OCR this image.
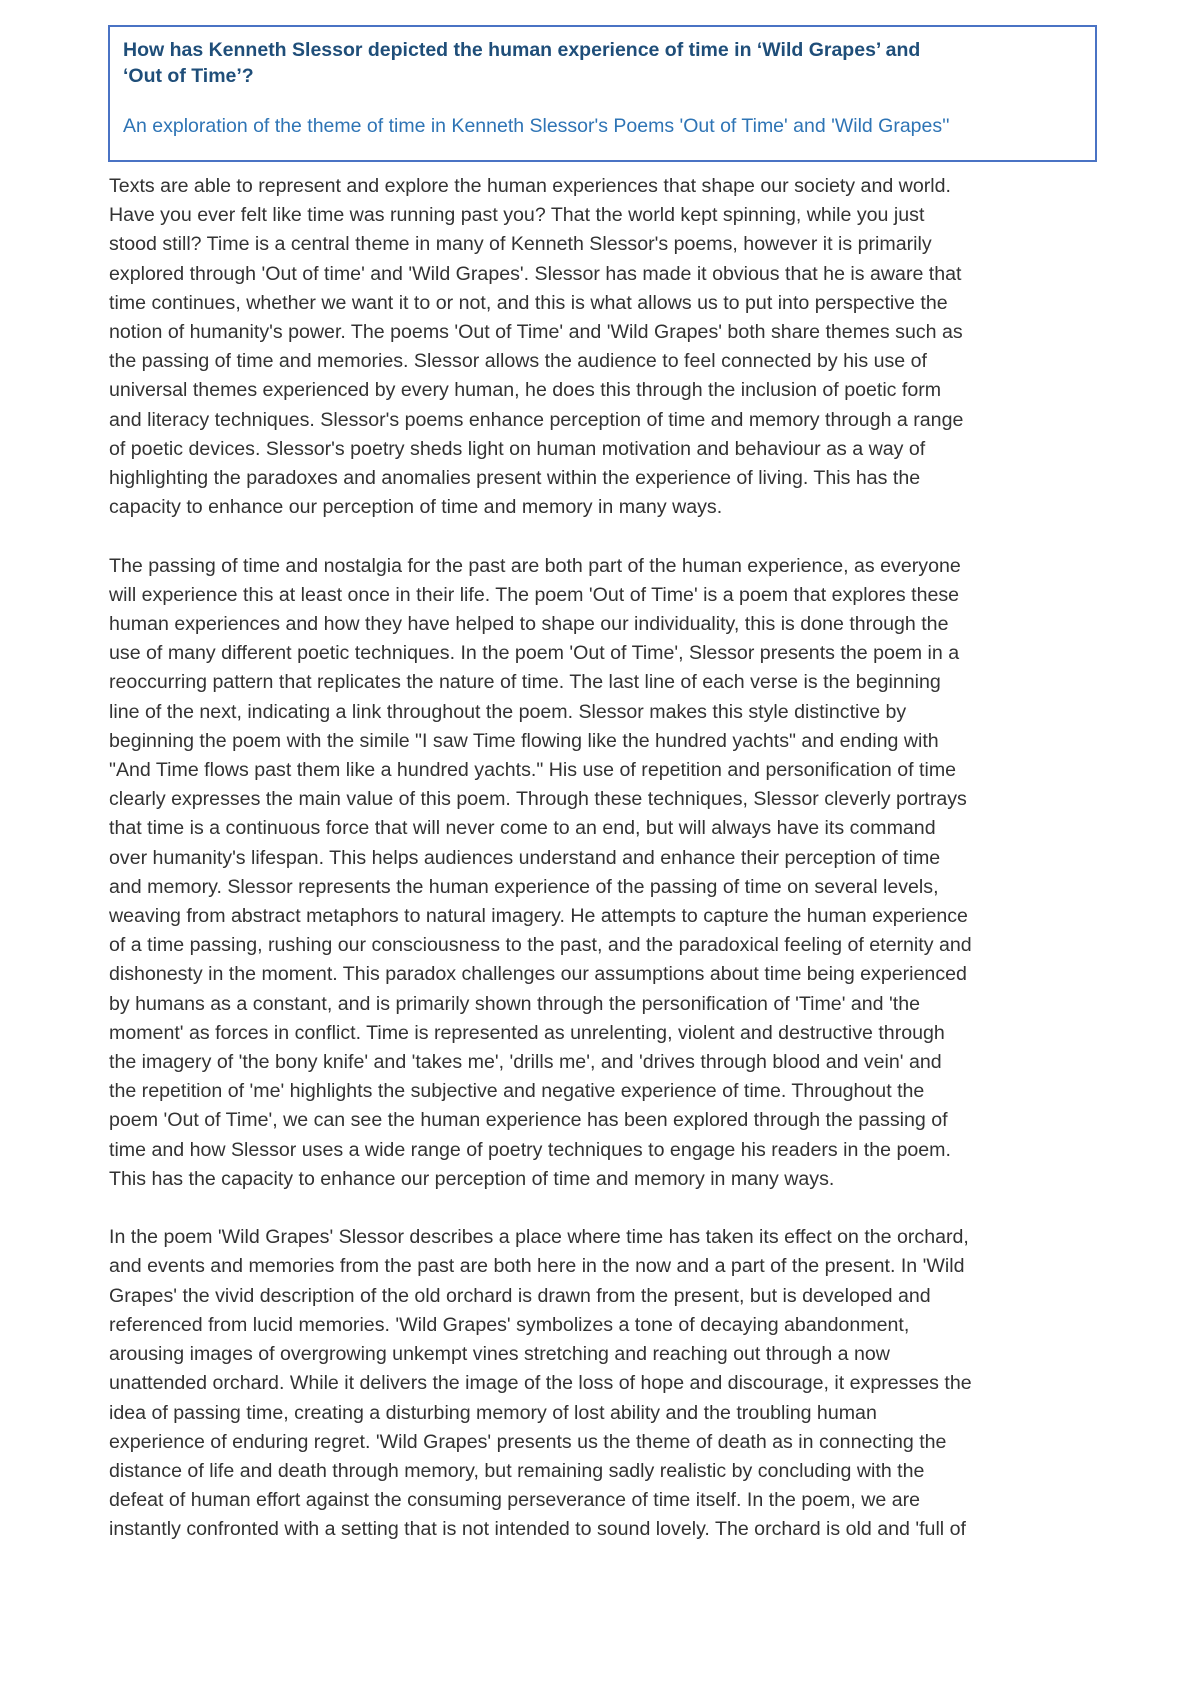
How has Kenneth Slessor depicted the human experience of time in ‘Wild Grapes’ and
‘Out of Time’?

An exploration of the theme of time in Kenneth Slessor's Poems 'Out of Time' and 'Wild Grapes''

Texts are able to represent and explore the human experiences that shape our society and world.
Have you ever felt like time was running past you? That the world kept spinning, while you just
stood still? Time is a central theme in many of Kenneth Slessor's poems, however it is primarily
explored through 'Out of time' and 'Wild Grapes'. Slessor has made it obvious that he is aware that
time continues, whether we want it to or not, and this is what allows us to put into perspective the
notion of humanity's power. The poems 'Out of Time' and 'Wild Grapes' both share themes such as
the passing of time and memories. Slessor allows the audience to feel connected by his use of
universal themes experienced by every human, he does this through the inclusion of poetic form
and literacy techniques. Slessor's poems enhance perception of time and memory through a range
of poetic devices. Slessor's poetry sheds light on human motivation and behaviour as a way of
highlighting the paradoxes and anomalies present within the experience of living. This has the
capacity to enhance our perception of time and memory in many ways.

The passing of time and nostalgia for the past are both part of the human experience, as everyone
will experience this at least once in their life. The poem 'Out of Time' is a poem that explores these
human experiences and how they have helped to shape our individuality, this is done through the
use of many different poetic techniques. In the poem 'Out of Time', Slessor presents the poem in a
reoccurring pattern that replicates the nature of time. The last line of each verse is the beginning
line of the next, indicating a link throughout the poem. Slessor makes this style distinctive by
beginning the poem with the simile "I saw Time flowing like the hundred yachts" and ending with
"And Time flows past them like a hundred yachts." His use of repetition and personification of time
clearly expresses the main value of this poem. Through these techniques, Slessor cleverly portrays
that time is a continuous force that will never come to an end, but will always have its command
over humanity's lifespan. This helps audiences understand and enhance their perception of time
and memory. Slessor represents the human experience of the passing of time on several levels,
weaving from abstract metaphors to natural imagery. He attempts to capture the human experience
of a time passing, rushing our consciousness to the past, and the paradoxical feeling of eternity and
dishonesty in the moment. This paradox challenges our assumptions about time being experienced
by humans as a constant, and is primarily shown through the personification of 'Time' and 'the
moment' as forces in conflict. Time is represented as unrelenting, violent and destructive through
the imagery of 'the bony knife' and 'takes me', 'drills me', and 'drives through blood and vein' and
the repetition of 'me' highlights the subjective and negative experience of time. Throughout the
poem 'Out of Time', we can see the human experience has been explored through the passing of
time and how Slessor uses a wide range of poetry techniques to engage his readers in the poem.
This has the capacity to enhance our perception of time and memory in many ways.

In the poem 'Wild Grapes' Slessor describes a place where time has taken its effect on the orchard,
and events and memories from the past are both here in the now and a part of the present. In 'Wild
Grapes' the vivid description of the old orchard is drawn from the present, but is developed and
referenced from lucid memories. 'Wild Grapes' symbolizes a tone of decaying abandonment,
arousing images of overgrowing unkempt vines stretching and reaching out through a now
unattended orchard. While it delivers the image of the loss of hope and discourage, it expresses the
idea of passing time, creating a disturbing memory of lost ability and the troubling human
experience of enduring regret. 'Wild Grapes' presents us the theme of death as in connecting the
distance of life and death through memory, but remaining sadly realistic by concluding with the
defeat of human effort against the consuming perseverance of time itself. In the poem, we are
instantly confronted with a setting that is not intended to sound lovely. The orchard is old and 'full of
